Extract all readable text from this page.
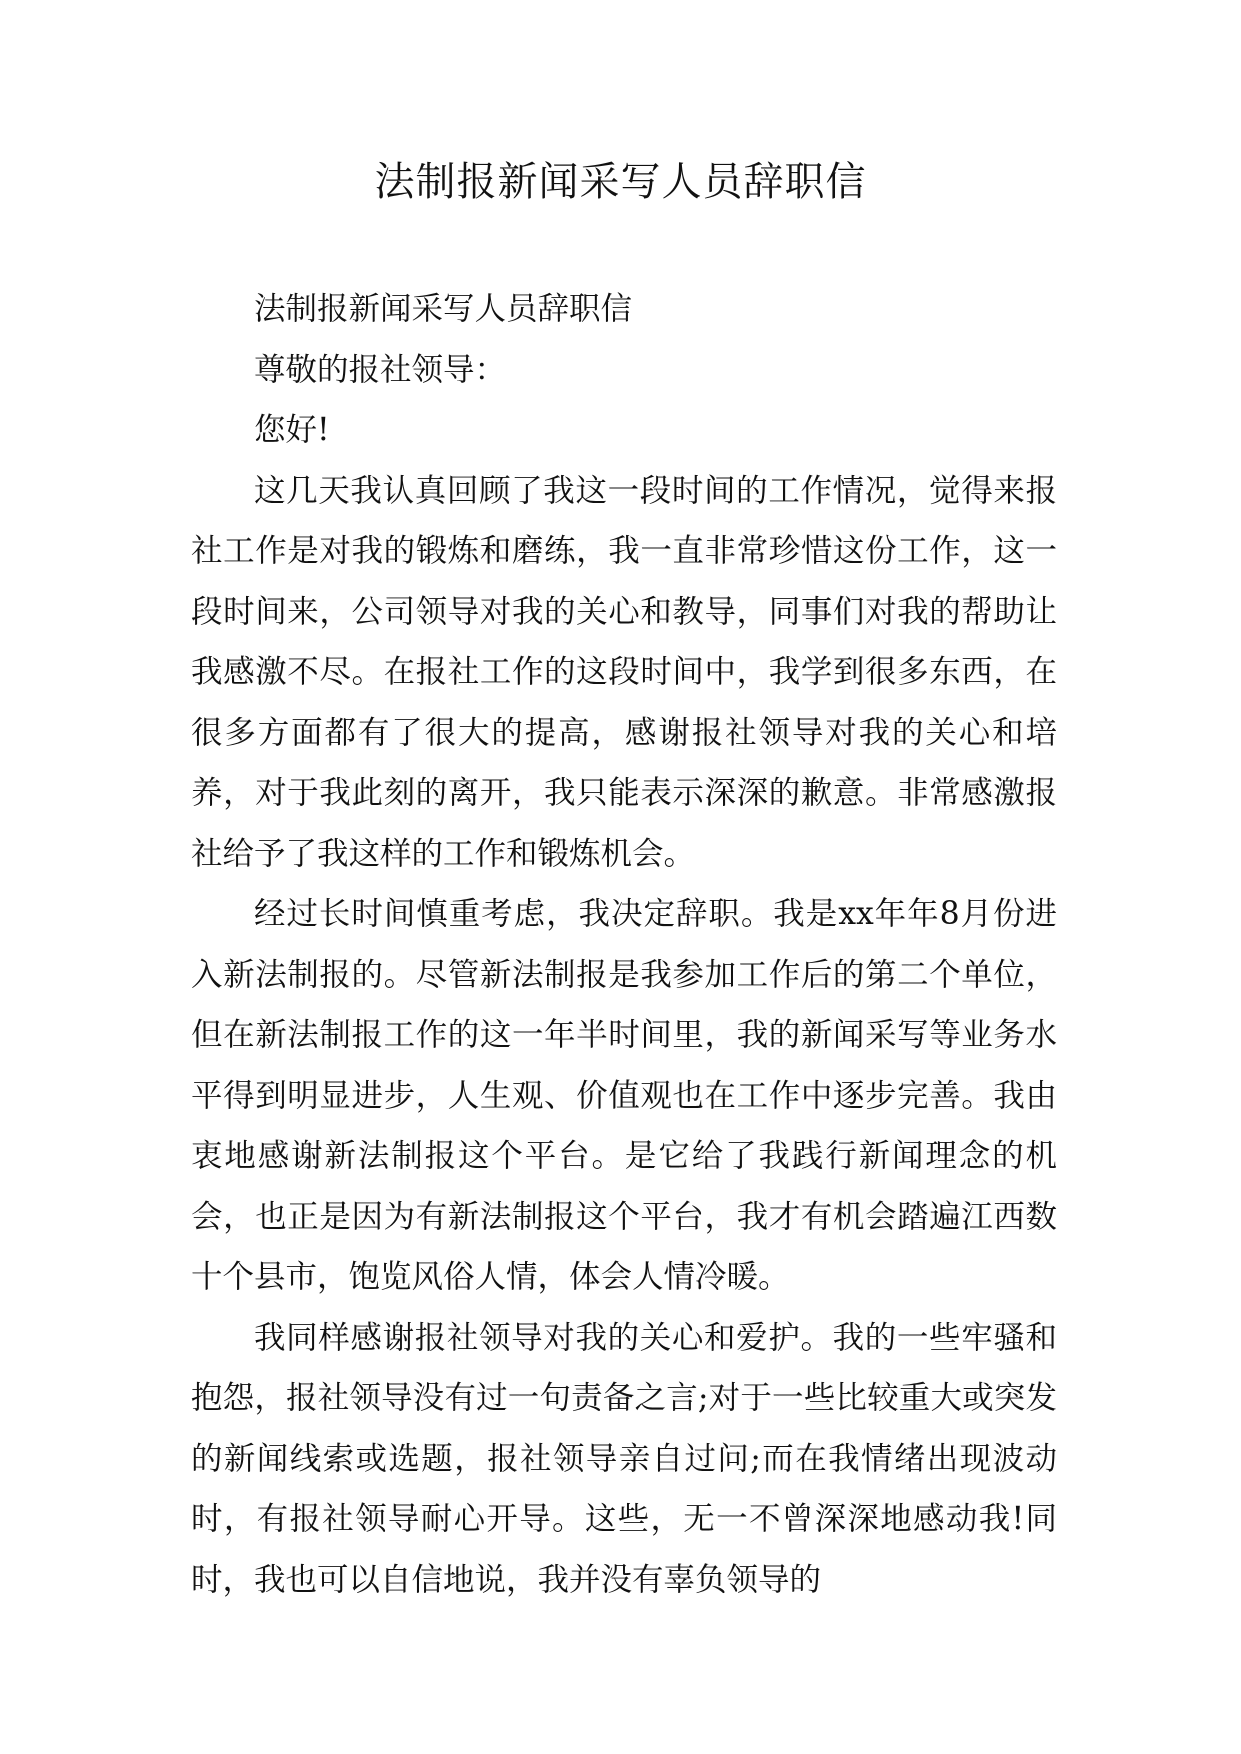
法制报新闻采写人员辞职信

法制报新闻采写人员辞职信

尊敬的报社领导：

您好!

这几天我认真回顾了我这一段时间的工作情况，觉得来报社工作是对我的锻炼和磨练，我一直非常珍惜这份工作，这一段时间来，公司领导对我的关心和教导，同事们对我的帮助让我感激不尽。在报社工作的这段时间中，我学到很多东西，在很多方面都有了很大的提高，感谢报社领导对我的关心和培养，对于我此刻的离开，我只能表示深深的歉意。非常感激报社给予了我这样的工作和锻炼机会。

经过长时间慎重考虑，我决定辞职。我是xx年年8月份进入新法制报的。尽管新法制报是我参加工作后的第二个单位，但在新法制报工作的这一年半时间里，我的新闻采写等业务水平得到明显进步，人生观、价值观也在工作中逐步完善。我由衷地感谢新法制报这个平台。是它给了我践行新闻理念的机会，也正是因为有新法制报这个平台，我才有机会踏遍江西数十个县市，饱览风俗人情，体会人情冷暖。

我同样感谢报社领导对我的关心和爱护。我的一些牢骚和抱怨，报社领导没有过一句责备之言;对于一些比较重大或突发的新闻线索或选题，报社领导亲自过问;而在我情绪出现波动时，有报社领导耐心开导。这些，无一不曾深深地感动我!同时，我也可以自信地说，我并没有辜负领导的
